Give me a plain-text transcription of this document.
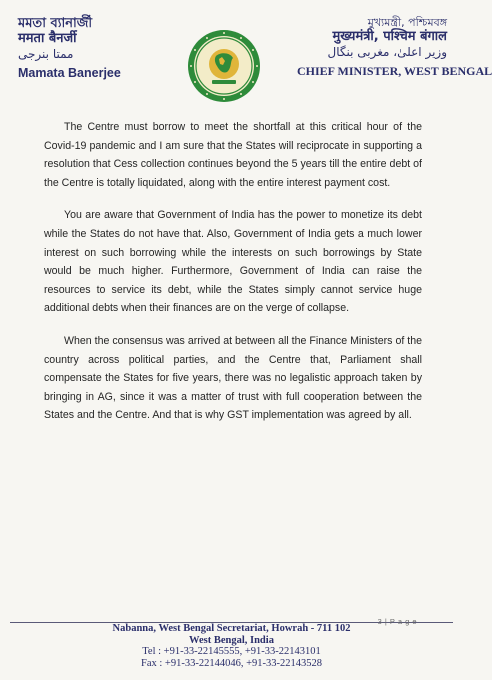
মমতা ব্যানার্জী
ममता बैनर्जी
ممتا بنرجی
Mamata Banerjee
মুখ্যমন্ত্রী, পশ্চিমবঙ্গ
मुख्यमंत्री, पश्चिम बंगाल
وزیر اعلیٰ، مغربی بنگال
CHIEF MINISTER, WEST BENGAL

The Centre must borrow to meet the shortfall at this critical hour of the Covid-19 pandemic and I am sure that the States will reciprocate in supporting a resolution that Cess collection continues beyond the 5 years till the entire debt of the Centre is totally liquidated, along with the entire interest payment cost.

You are aware that Government of India has the power to monetize its debt while the States do not have that. Also, Government of India gets a much lower interest on such borrowing while the interests on such borrowings by State would be much higher. Furthermore, Government of India can raise the resources to service its debt, while the States simply cannot service huge additional debts when their finances are on the verge of collapse.

When the consensus was arrived at between all the Finance Ministers of the country across political parties, and the Centre that, Parliament shall compensate the States for five years, there was no legalistic approach taken by bringing in AG, since it was a matter of trust with full cooperation between the States and the Centre. And that is why GST implementation was agreed by all.

3 | P a g e
Nabanna, West Bengal Secretariat, Howrah - 711 102
West Bengal, India
Tel : +91-33-22145555, +91-33-22143101
Fax : +91-33-22144046, +91-33-22143528
